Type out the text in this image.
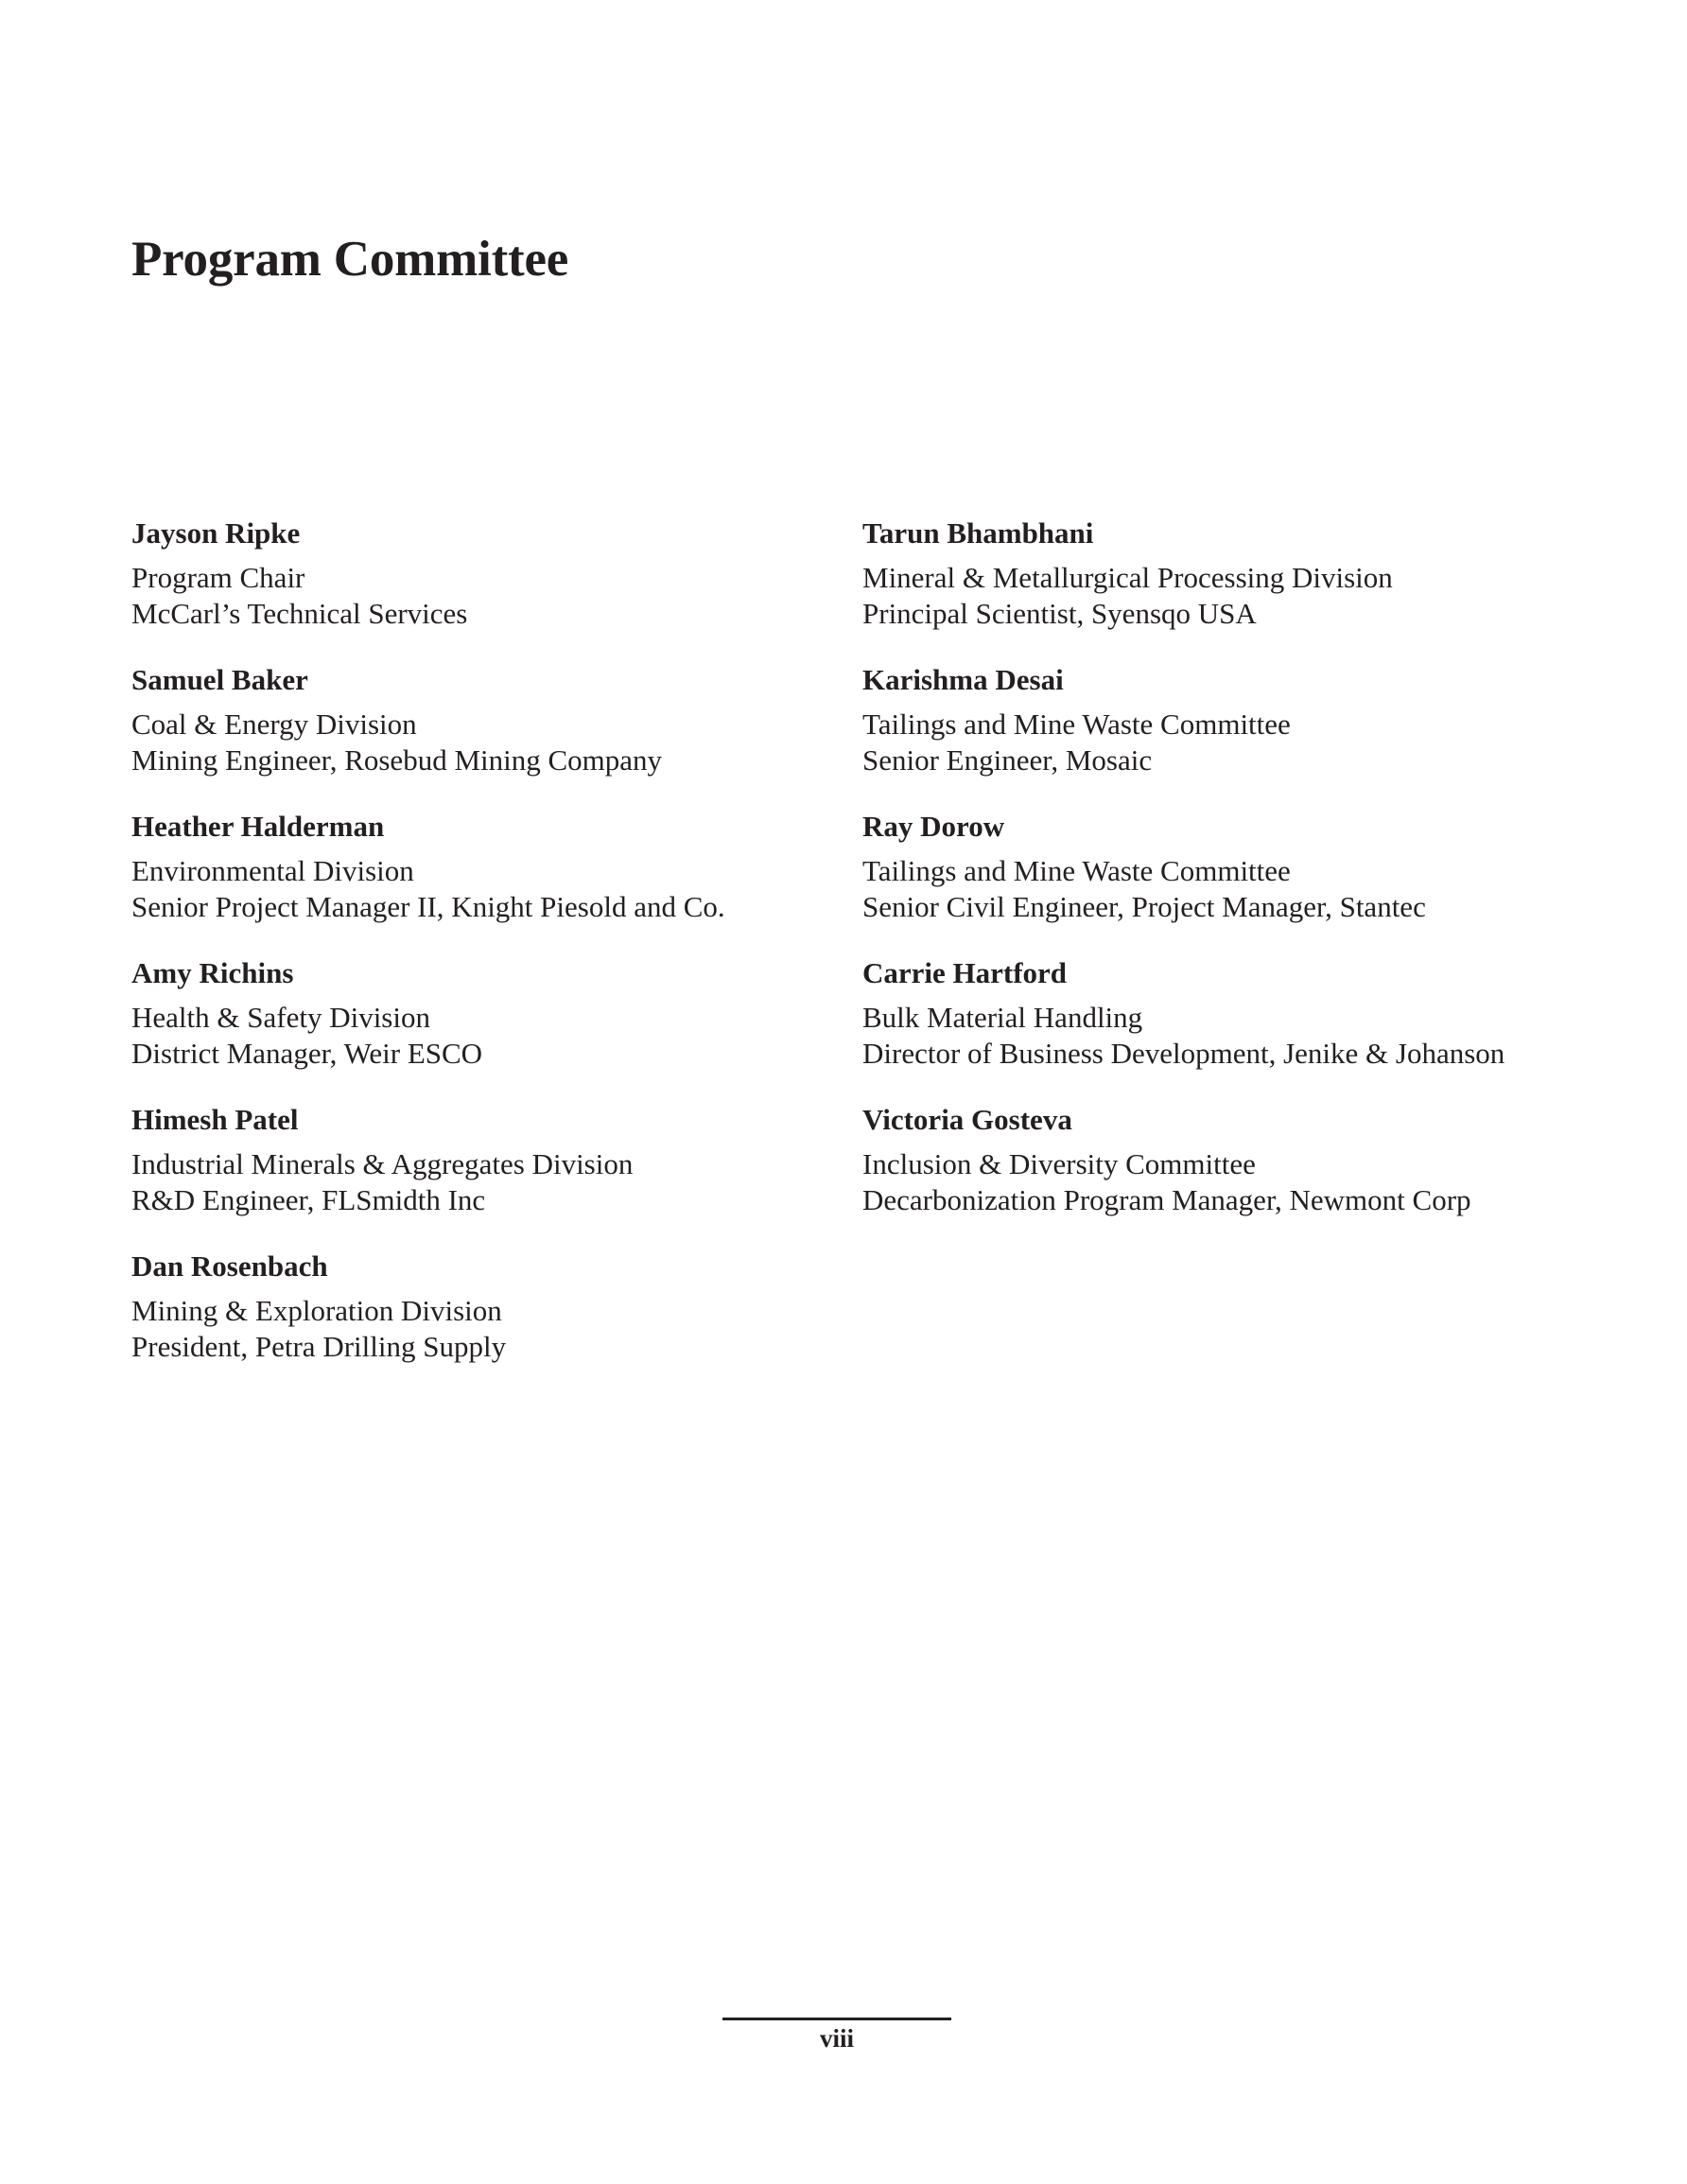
Program Committee
Jayson Ripke
Program Chair
McCarl’s Technical Services
Samuel Baker
Coal & Energy Division
Mining Engineer, Rosebud Mining Company
Heather Halderman
Environmental Division
Senior Project Manager II, Knight Piesold and Co.
Amy Richins
Health & Safety Division
District Manager, Weir ESCO
Himesh Patel
Industrial Minerals & Aggregates Division
R&D Engineer, FLSmidth Inc
Dan Rosenbach
Mining & Exploration Division
President, Petra Drilling Supply
Tarun Bhambhani
Mineral & Metallurgical Processing Division
Principal Scientist, Syensqo USA
Karishma Desai
Tailings and Mine Waste Committee
Senior Engineer, Mosaic
Ray Dorow
Tailings and Mine Waste Committee
Senior Civil Engineer, Project Manager, Stantec
Carrie Hartford
Bulk Material Handling
Director of Business Development, Jenike & Johanson
Victoria Gosteva
Inclusion & Diversity Committee
Decarbonization Program Manager, Newmont Corp
viii
